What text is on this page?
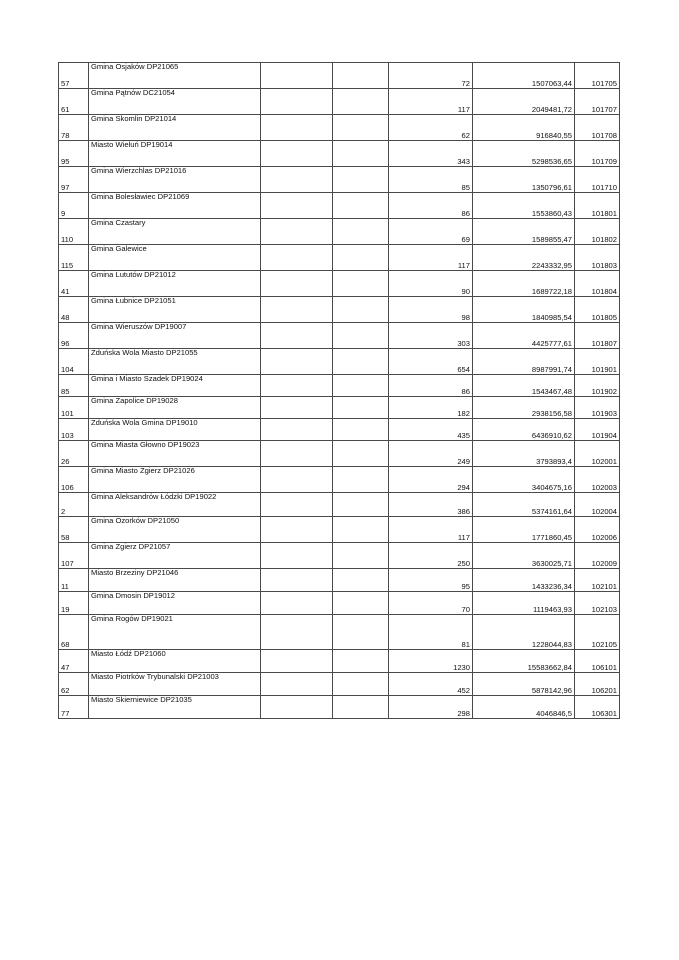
57	Gmina Osjaków DP21065			72	1507063,44	101705
61	Gmina Pątnów DC21054			117	2049481,72	101707
78	Gmina Skomlin DP21014			62	916840,55	101708
95	Miasto Wieluń DP19014			343	5298536,65	101709
97	Gmina Wierzchlas DP21016			85	1350796,61	101710
9	Gmina Bolesławiec DP21069			86	1553860,43	101801
110	Gmina Czastary			69	1589855,47	101802
115	Gmina Galewice			117	2243332,95	101803
41	Gmina Lututów DP21012			90	1689722,18	101804
48	Gmina Łubnice DP21051			98	1840985,54	101805
96	Gmina Wieruszów DP19007			303	4425777,61	101807
104	Zduńska Wola Miasto DP21055			654	8987991,74	101901
85	Gmina i Miasto Szadek DP19024			86	1543467,48	101902
101	Gmina Zapolice DP19028			182	2938156,58	101903
103	Zduńska Wola Gmina DP19010			435	6436910,62	101904
26	Gmina Miasta Głowno DP19023			249	3793893,4	102001
106	Gmina Miasto Zgierz DP21026			294	3404675,16	102003
2	Gmina Aleksandrów Łódzki DP19022			386	5374161,64	102004
58	Gmina Ozorków DP21050			117	1771860,45	102006
107	Gmina Zgierz DP21057			250	3630025,71	102009
11	Miasto Brzeziny DP21046			95	1433236,34	102101
19	Gmina Dmosin DP19012			70	1119463,93	102103
68	Gmina Rogów DP19021			81	1228044,83	102105
47	Miasto Łódź DP21060			1230	15583662,84	106101
62	Miasto Piotrków Trybunalski DP21003			452	5878142,96	106201
77	Miasto Skierniewice DP21035			298	4046846,5	106301
